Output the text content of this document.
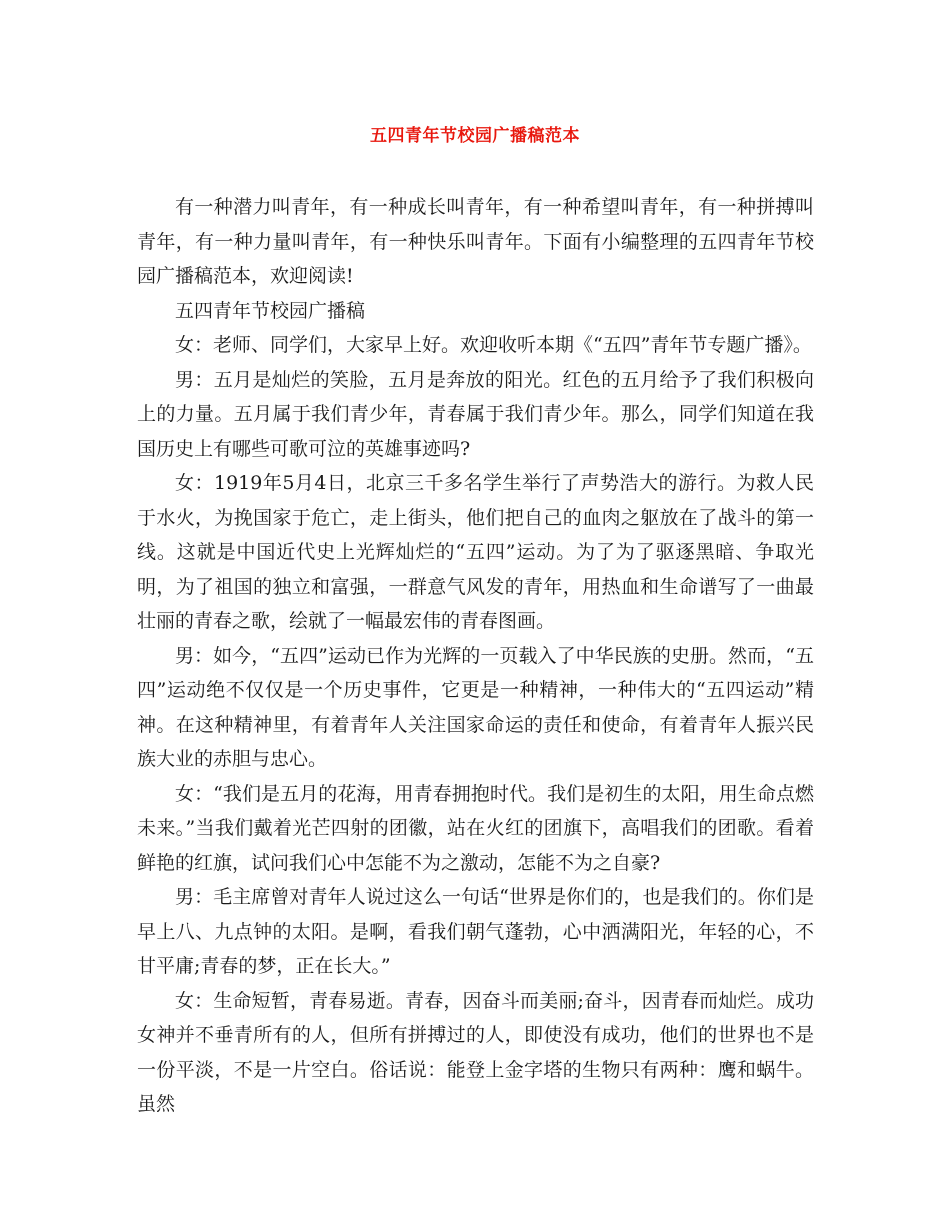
五四青年节校园广播稿范本

有一种潜力叫青年，有一种成长叫青年，有一种希望叫青年，有一种拼搏叫青年，有一种力量叫青年，有一种快乐叫青年。下面有小编整理的五四青年节校园广播稿范本，欢迎阅读!

五四青年节校园广播稿

女：老师、同学们，大家早上好。欢迎收听本期《“五四”青年节专题广播》。

男：五月是灿烂的笑脸，五月是奔放的阳光。红色的五月给予了我们积极向上的力量。五月属于我们青少年，青春属于我们青少年。那么，同学们知道在我国历史上有哪些可歌可泣的英雄事迹吗?

女：1919年5月4日，北京三千多名学生举行了声势浩大的游行。为救人民于水火，为挽国家于危亡，走上街头，他们把自己的血肉之躯放在了战斗的第一线。这就是中国近代史上光辉灿烂的“五四”运动。为了为了驱逐黑暗、争取光明，为了祖国的独立和富强，一群意气风发的青年，用热血和生命谱写了一曲最壮丽的青春之歌，绘就了一幅最宏伟的青春图画。

男：如今，“五四”运动已作为光辉的一页载入了中华民族的史册。然而，“五四”运动绝不仅仅是一个历史事件，它更是一种精神，一种伟大的“五四运动”精神。在这种精神里，有着青年人关注国家命运的责任和使命，有着青年人振兴民族大业的赤胆与忠心。

女：“我们是五月的花海，用青春拥抱时代。我们是初生的太阳，用生命点燃未来。”当我们戴着光芒四射的团徽，站在火红的团旗下，高唱我们的团歌。看着鲜艳的红旗，试问我们心中怎能不为之激动，怎能不为之自豪?

男：毛主席曾对青年人说过这么一句话“世界是你们的，也是我们的。你们是早上八、九点钟的太阳。是啊，看我们朝气蓬勃，心中洒满阳光，年轻的心，不甘平庸;青春的梦，正在长大。”

女：生命短暂，青春易逝。青春，因奋斗而美丽;奋斗，因青春而灿烂。成功女神并不垂青所有的人，但所有拼搏过的人，即使没有成功，他们的世界也不是一份平淡，不是一片空白。俗话说：能登上金字塔的生物只有两种：鹰和蜗牛。虽然
